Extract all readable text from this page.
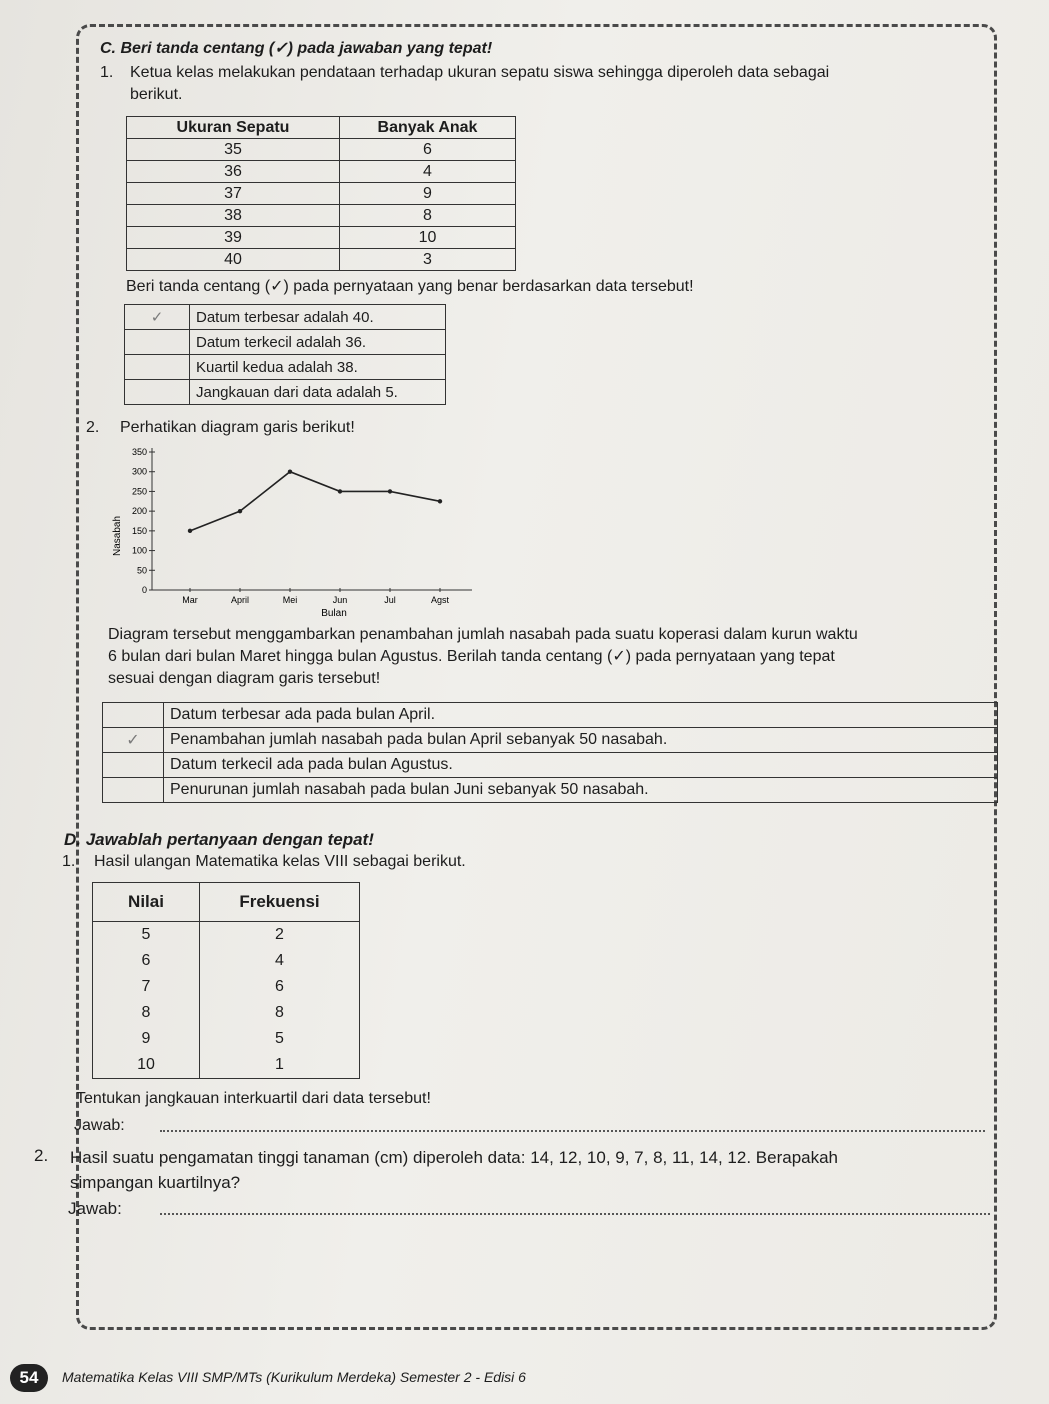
C. Beri tanda centang (✓) pada jawaban yang tepat!
1. Ketua kelas melakukan pendataan terhadap ukuran sepatu siswa sehingga diperoleh data sebagai
berikut.
Ukuran Sepatu	Banyak Anak
35	6
36	4
37	9
38	8
39	10
40	3
Beri tanda centang (✓) pada pernyataan yang benar berdasarkan data tersebut!
✓	Datum terbesar adalah 40.
	Datum terkecil adalah 36.
	Kuartil kedua adalah 38.
	Jangkauan dari data adalah 5.
2. Perhatikan diagram garis berikut!
Nasabah
Bulan
0
50
100
150
200
250
300
350
Mar	April	Mei	Jun	Jul	Agst
Diagram tersebut menggambarkan penambahan jumlah nasabah pada suatu koperasi dalam kurun waktu
6 bulan dari bulan Maret hingga bulan Agustus. Berilah tanda centang (✓) pada pernyataan yang tepat
sesuai dengan diagram garis tersebut!
	Datum terbesar ada pada bulan April.
✓	Penambahan jumlah nasabah pada bulan April sebanyak 50 nasabah.
	Datum terkecil ada pada bulan Agustus.
	Penurunan jumlah nasabah pada bulan Juni sebanyak 50 nasabah.
D. Jawablah pertanyaan dengan tepat!
1. Hasil ulangan Matematika kelas VIII sebagai berikut.
Nilai	Frekuensi
5	2
6	4
7	6
8	8
9	5
10	1
Tentukan jangkauan interkuartil dari data tersebut!
Jawab:
2. Hasil suatu pengamatan tinggi tanaman (cm) diperoleh data: 14, 12, 10, 9, 7, 8, 11, 14, 12. Berapakah
simpangan kuartilnya?
Jawab:
54	Matematika Kelas VIII SMP/MTs (Kurikulum Merdeka) Semester 2 - Edisi 6
